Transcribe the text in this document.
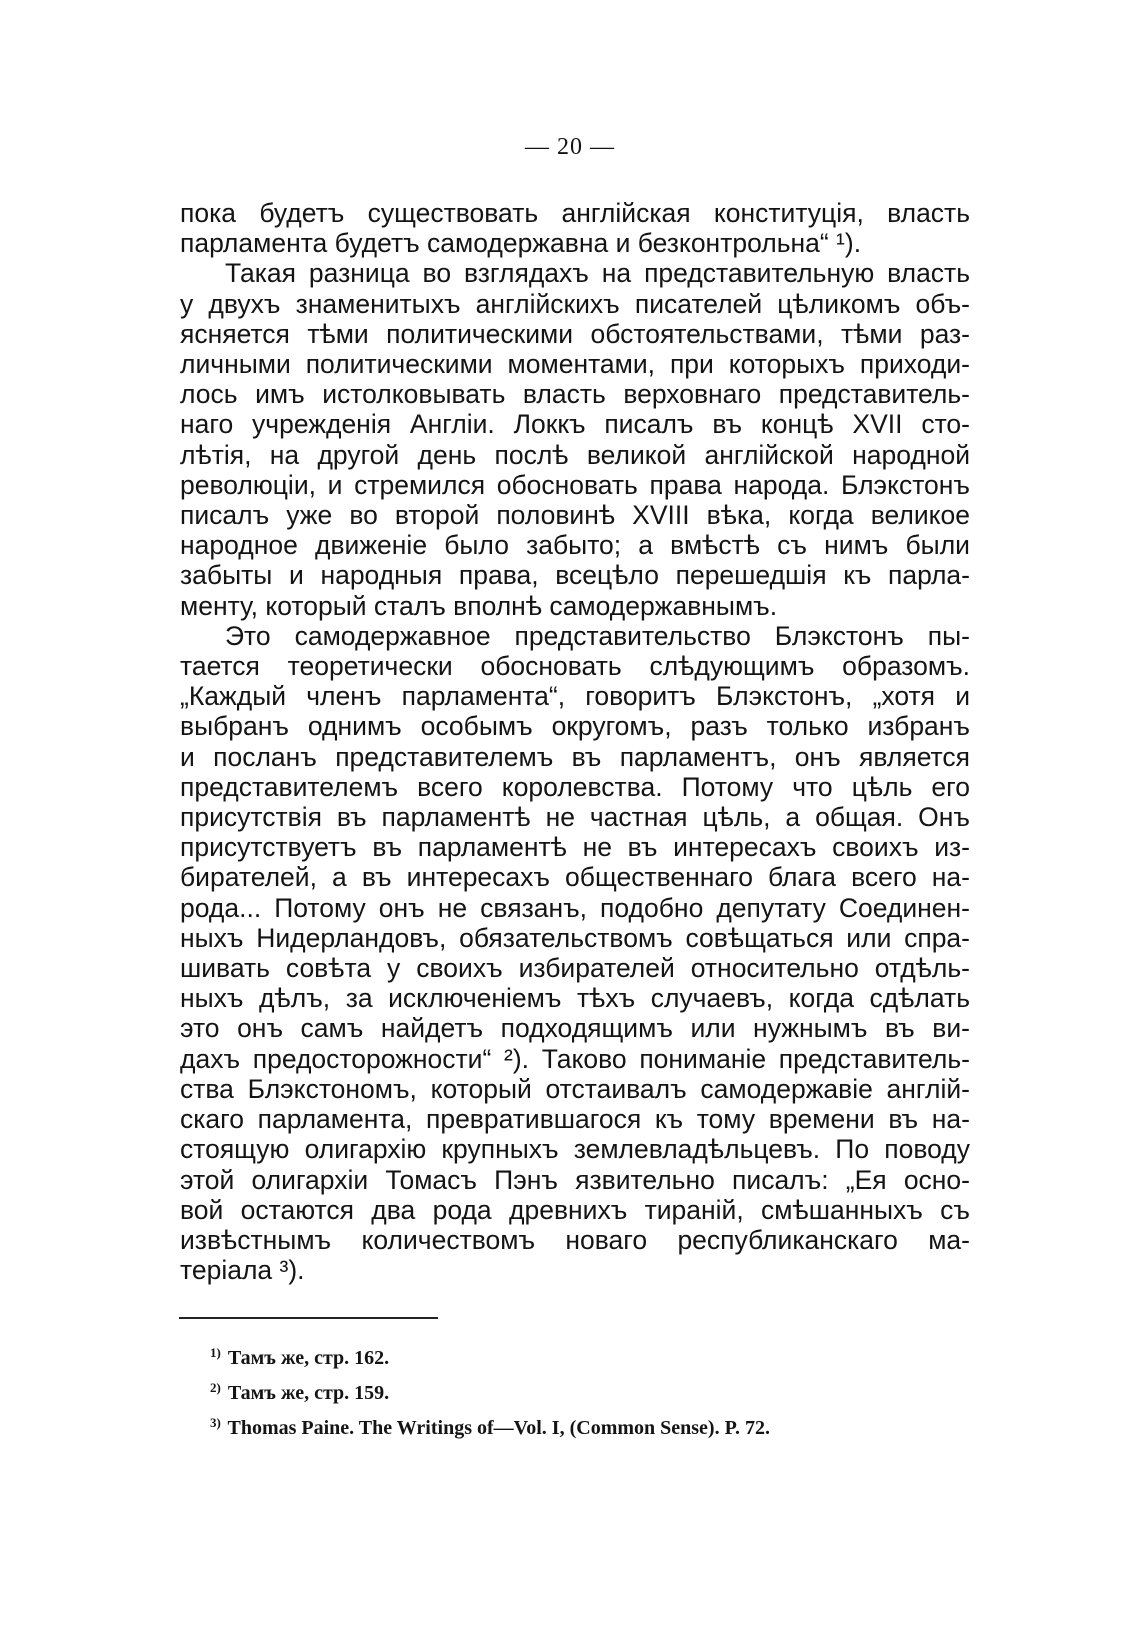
— 20 —
пока будетъ существовать англійская конституція, власть
парламента будетъ самодержавна и безконтрольна“ ¹).
Такая разница во взглядахъ на представительную власть
у двухъ знаменитыхъ англійскихъ писателей цѣликомъ объ-
ясняется тѣми политическими обстоятельствами, тѣми раз-
личными политическими моментами, при которыхъ приходи-
лось имъ истолковывать власть верховнаго представитель-
наго учрежденія Англіи. Локкъ писалъ въ концѣ XVII сто-
лѣтія, на другой день послѣ великой англійской народной
революціи, и стремился обосновать права народа. Блэкстонъ
писалъ уже во второй половинѣ XVIII вѣка, когда великое
народное движеніе было забыто; а вмѣстѣ съ нимъ были
забыты и народныя права, всецѣло перешедшія къ парла-
менту, который сталъ вполнѣ самодержавнымъ.
Это самодержавное представительство Блэкстонъ пы-
тается теоретически обосновать слѣдующимъ образомъ.
„Каждый членъ парламента“, говоритъ Блэкстонъ, „хотя и
выбранъ однимъ особымъ округомъ, разъ только избранъ
и посланъ представителемъ въ парламентъ, онъ является
представителемъ всего королевства. Потому что цѣль его
присутствія въ парламентѣ не частная цѣль, а общая. Онъ
присутствуетъ въ парламентѣ не въ интересахъ своихъ из-
бирателей, а въ интересахъ общественнаго блага всего на-
рода... Потому онъ не связанъ, подобно депутату Соединен-
ныхъ Нидерландовъ, обязательствомъ совѣщаться или спра-
шивать совѣта у своихъ избирателей относительно отдѣль-
ныхъ дѣлъ, за исключеніемъ тѣхъ случаевъ, когда сдѣлать
это онъ самъ найдетъ подходящимъ или нужнымъ въ ви-
дахъ предосторожности“ ²). Таково пониманіе представитель-
ства Блэкстономъ, который отстаивалъ самодержавіе англій-
скаго парламента, превратившагося къ тому времени въ на-
стоящую олигархію крупныхъ землевладѣльцевъ. По поводу
этой олигархіи Томасъ Пэнъ язвительно писалъ: „Ея осно-
вой остаются два рода древнихъ тираній, смѣшанныхъ съ
извѣстнымъ количествомъ новаго республиканскаго ма-
теріала ³).
$^{1)}$ Тамъ же, стр. 162.
$^{2)}$ Тамъ же, стр. 159.
$^{3)}$ Thomas Paine. The Writings of—Vol. I, (Common Sense). P. 72.
